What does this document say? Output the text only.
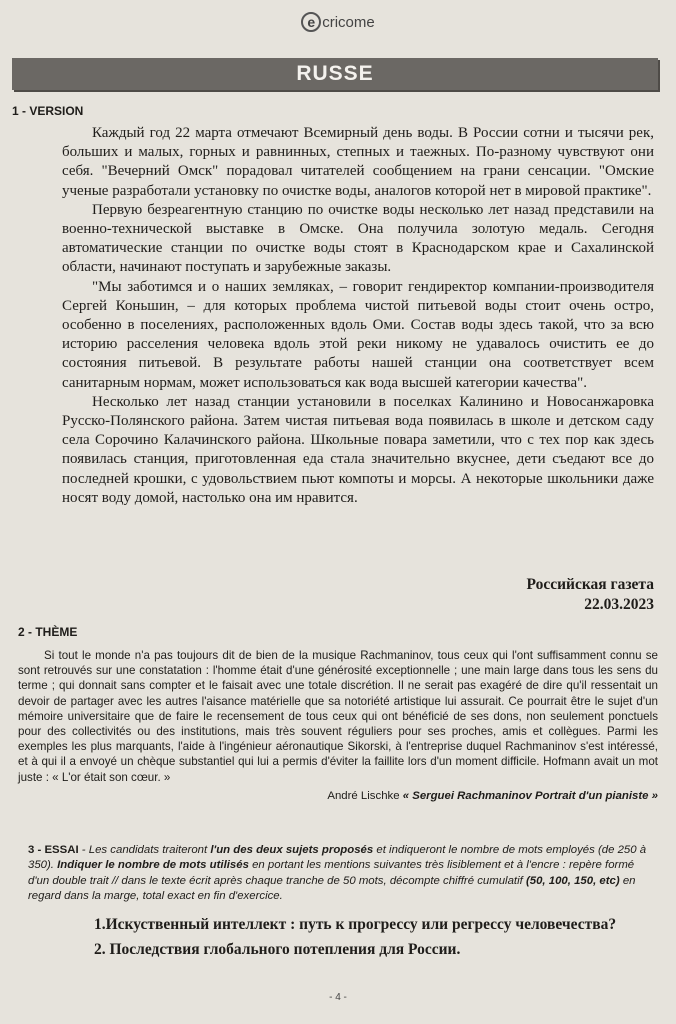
e cricome
RUSSE
1 - VERSION

Каждый год 22 марта отмечают Всемирный день воды. В России сотни и тысячи рек, больших и малых, горных и равнинных, степных и таежных. По-разному чувствуют они себя. "Вечерний Омск" порадовал читателей сообщением на грани сенсации. "Омские ученые разработали установку по очистке воды, аналогов которой нет в мировой практике".

Первую безреагентную станцию по очистке воды несколько лет назад представили на военно-технической выставке в Омске. Она получила золотую медаль. Сегодня автоматические станции по очистке воды стоят в Краснодарском крае и Сахалинской области, начинают поступать и зарубежные заказы.

"Мы заботимся и о наших земляках, – говорит гендиректор компании-производителя Сергей Коньшин, – для которых проблема чистой питьевой воды стоит очень остро, особенно в поселениях, расположенных вдоль Оми. Состав воды здесь такой, что за всю историю расселения человека вдоль этой реки никому не удавалось очистить ее до состояния питьевой. В результате работы нашей станции она соответствует всем санитарным нормам, может использоваться как вода высшей категории качества".

Несколько лет назад станции установили в поселках Калинино и Новосанжаровка Русско-Полянского района. Затем чистая питьевая вода появилась в школе и детском саду села Сорочино Калачинского района. Школьные повара заметили, что с тех пор как здесь появилась станция, приготовленная еда стала значительно вкуснее, дети съедают все до последней крошки, с удовольствием пьют компоты и морсы. А некоторые школьники даже носят воду домой, настолько она им нравится.

Российская газета
22.03.2023
2 - THÈME

Si tout le monde n'a pas toujours dit de bien de la musique Rachmaninov, tous ceux qui l'ont suffisamment connu se sont retrouvés sur une constatation : l'homme était d'une générosité exceptionnelle ; une main large dans tous les sens du terme ; qui donnait sans compter et le faisait avec une totale discrétion. Il ne serait pas exagéré de dire qu'il ressentait un devoir de partager avec les autres l'aisance matérielle que sa notoriété artistique lui assurait. Ce pourrait être le sujet d'un mémoire universitaire que de faire le recensement de tous ceux qui ont bénéficié de ses dons, non seulement ponctuels pour des collectivités ou des institutions, mais très souvent réguliers pour ses proches, amis et collègues. Parmi les exemples les plus marquants, l'aide à l'ingénieur aéronautique Sikorski, à l'entreprise duquel Rachmaninov s'est intéressé, et à qui il a envoyé un chèque substantiel qui lui a permis d'éviter la faillite lors d'un moment difficile. Hofmann avait un mot juste : « L'or était son cœur. »

André Lischke « Serguei Rachmaninov Portrait d'un pianiste »
3 - ESSAI - Les candidats traiteront l'un des deux sujets proposés et indiqueront le nombre de mots employés (de 250 à 350). Indiquer le nombre de mots utilisés en portant les mentions suivantes très lisiblement et à l'encre : repère formé d'un double trait // dans le texte écrit après chaque tranche de 50 mots, décompte chiffré cumulatif (50, 100, 150, etc) en regard dans la marge, total exact en fin d'exercice.
1.Искуственный интеллект : путь к прогрессу или регрессу человечества?
2. Последствия глобального потепления для России.
- 4 -
